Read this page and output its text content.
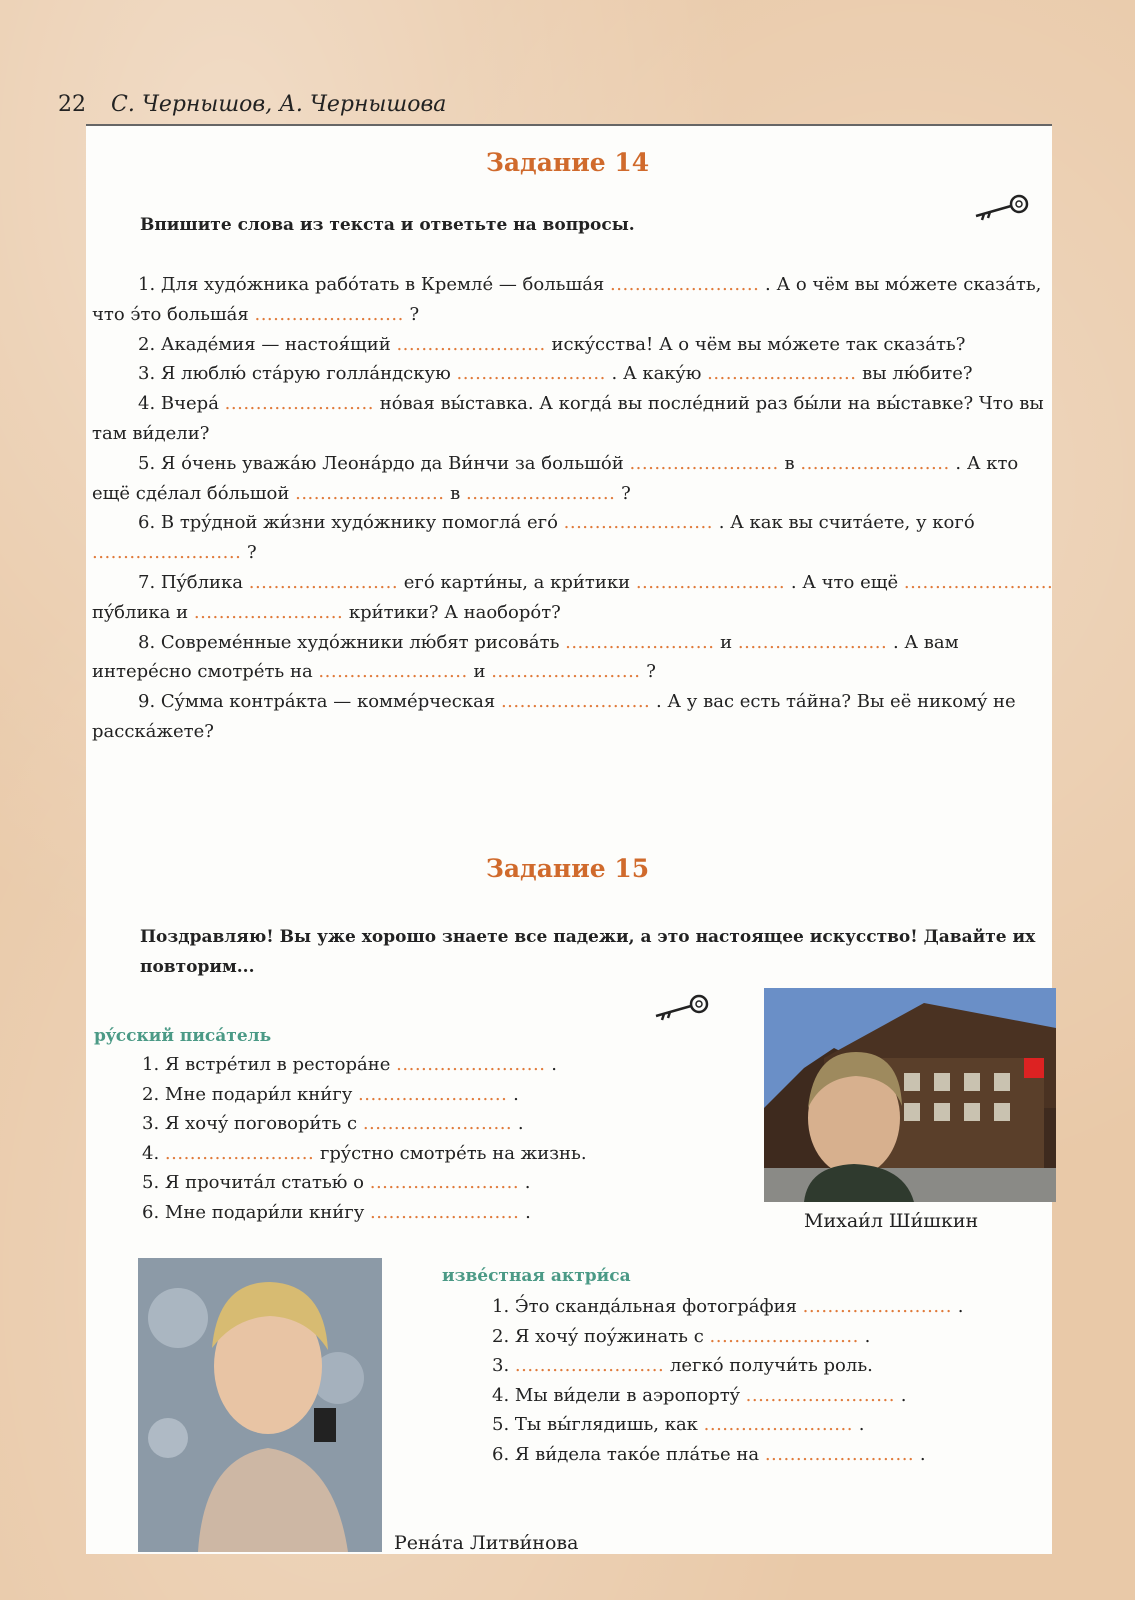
22 С. Чернышов, А. Чернышова
Задание 14
Впишите слова из текста и ответьте на вопросы.

1. Для худóжника рабóтать в Кремлé — большáя ........................ . А о чём вы мóжете сказáть, что э́то большáя ........................ ?

2. Акадéмия — настоя́щий ........................ искýсства! А о чём вы мóжете так сказáть?

3. Я люблю́ стáрую голлáндскую ........................ . А какýю ........................ вы лю́бите?

4. Вчерá ........................ нóвая вы́ставка. А когдá вы послéдний раз бы́ли на вы́ставке? Что вы там ви́дели?

5. Я óчень уважáю Леонáрдо да Ви́нчи за большóй ........................ в ........................ . А кто ещё сдéлал бóльшой ........................ в ........................ ?

6. В трýдной жи́зни худóжнику помоглá егó ........................ . А как вы считáете, у когó ........................ ?

7. Пýблика ........................ егó карти́ны, а кри́тики ........................ . А что ещё ........................ пýблика и ........................ кри́тики? А наоборóт?

8. Совремéнные худóжники лю́бят рисовáть ........................ и ........................ . А вам интерéсно смотрéть на ........................ и ........................ ?

9. Сýмма контрáкта — коммéрческая ........................ . А у вас есть тáйна? Вы её никомý не расскáжете?

Задание 15
Поздравляю! Вы уже хорошо знаете все падежи, а это настоящее искусство! Давайте их повторим...
рýсский писáтель
1. Я встрéтил в ресторáне ........................ .
2. Мне подари́л кни́гу ........................ .
3. Я хочý поговори́ть с ........................ .
4. ........................ грýстно смотрéть на жизнь.
5. Я прочитáл статью́ о ........................ .
6. Мне подари́ли кни́гу ........................ .	Михаи́л Ши́шкин
Ренáта Литви́нова
извéстная актри́са
1. Э́то скандáльная фотогрáфия ........................ .
2. Я хочý поýжинать с ........................ .
3. ........................ легкó получи́ть роль.
4. Мы ви́дели в аэропортý ........................ .
5. Ты вы́глядишь, как ........................ .
6. Я ви́дела такóе плáтье на ........................ .
